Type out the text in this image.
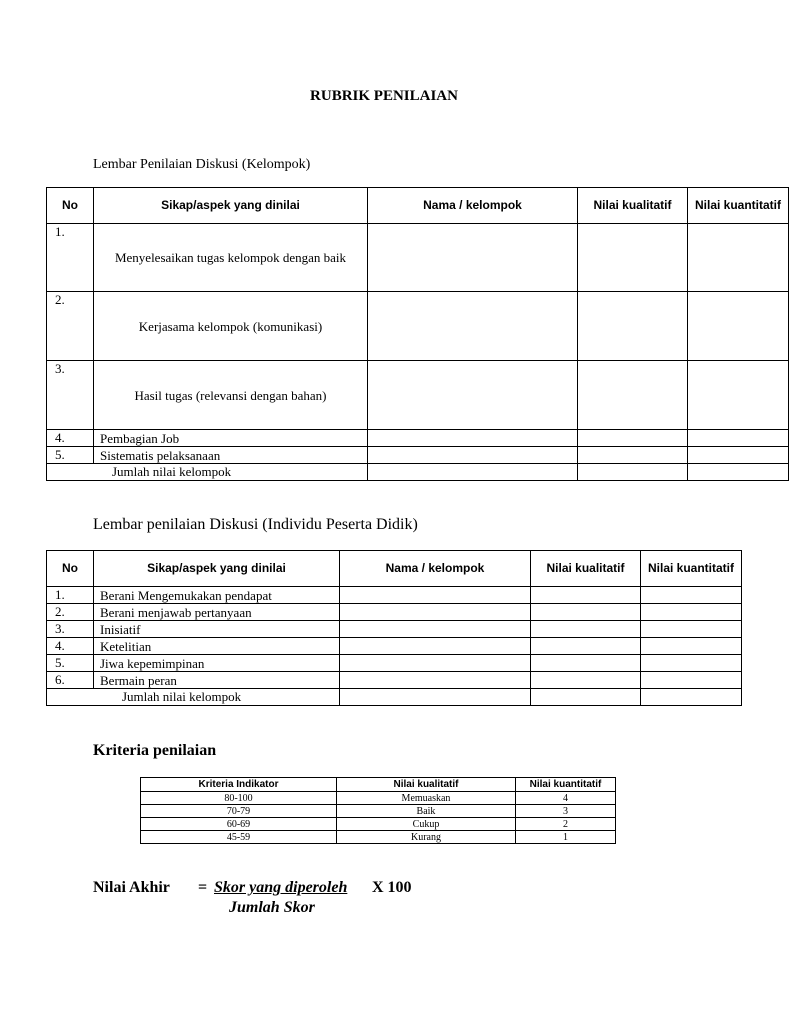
RUBRIK PENILAIAN
Lembar Penilaian Diskusi (Kelompok)
No	Sikap/aspek yang dinilai	Nama / kelompok	Nilai kualitatif	Nilai kuantitatif
1.	Menyelesaikan tugas kelompok dengan baik			
2.	Kerjasama kelompok (komunikasi)			
3.	Hasil tugas (relevansi dengan bahan)			
4.	Pembagian Job			
5.	Sistematis pelaksanaan			
Jumlah nilai kelompok				
Lembar penilaian Diskusi (Individu Peserta Didik)
No	Sikap/aspek yang dinilai	Nama / kelompok	Nilai kualitatif	Nilai kuantitatif
1.	Berani Mengemukakan pendapat			
2.	Berani menjawab pertanyaan			
3.	Inisiatif			
4.	Ketelitian			
5.	Jiwa kepemimpinan			
6.	Bermain peran			
Jumlah nilai kelompok				
Kriteria penilaian
Kriteria Indikator	Nilai kualitatif	Nilai kuantitatif
80-100	Memuaskan	4
70-79	Baik	3
60-69	Cukup	2
45-59	Kurang	1
Nilai Akhir = Skor yang diperoleh X 100
Jumlah Skor
